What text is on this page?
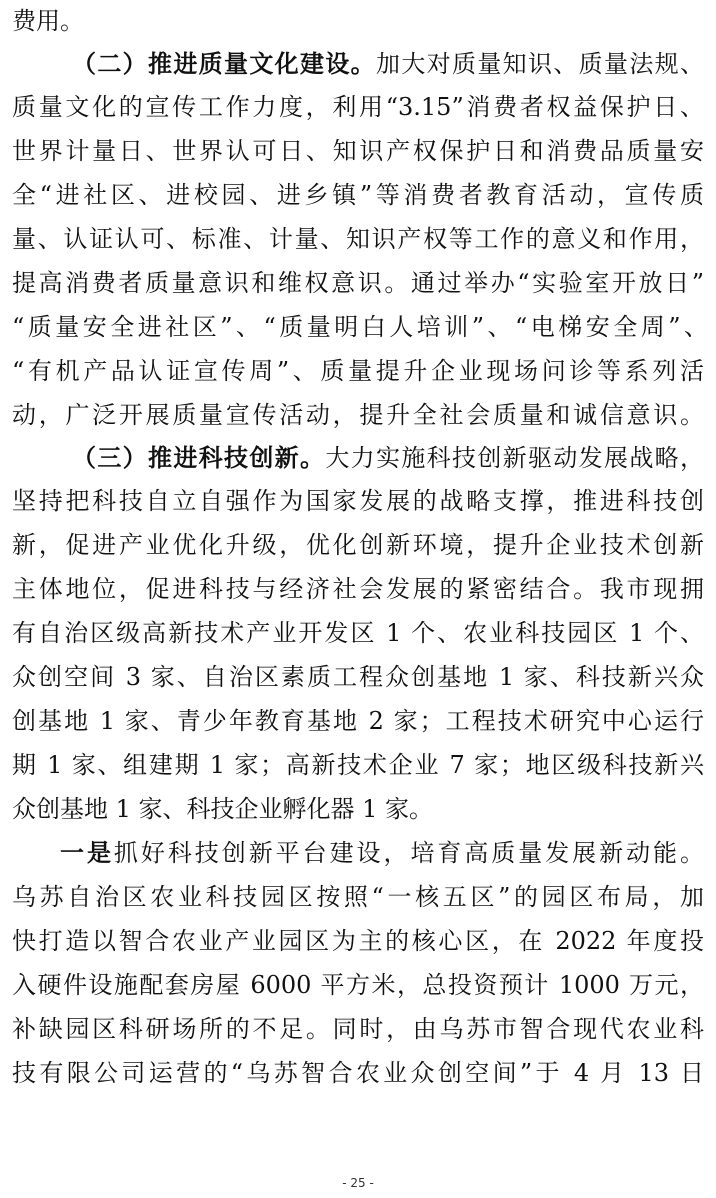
费用。
（二）推进质量文化建设。加大对质量知识、质量法规、
质量文化的宣传工作力度，利用“3.15”消费者权益保护日、
世界计量日、世界认可日、知识产权保护日和消费品质量安
全“进社区、进校园、进乡镇”等消费者教育活动，宣传质
量、认证认可、标准、计量、知识产权等工作的意义和作用，
提高消费者质量意识和维权意识。通过举办“实验室开放日”
“质量安全进社区”、“质量明白人培训”、“电梯安全周”、
“有机产品认证宣传周”、质量提升企业现场问诊等系列活
动，广泛开展质量宣传活动，提升全社会质量和诚信意识。
（三）推进科技创新。大力实施科技创新驱动发展战略，
坚持把科技自立自强作为国家发展的战略支撑，推进科技创
新，促进产业优化升级，优化创新环境，提升企业技术创新
主体地位，促进科技与经济社会发展的紧密结合。我市现拥
有自治区级高新技术产业开发区 1 个、农业科技园区 1 个、
众创空间 3 家、自治区素质工程众创基地 1 家、科技新兴众
创基地 1 家、青少年教育基地 2 家；工程技术研究中心运行
期 1 家、组建期 1 家；高新技术企业 7 家；地区级科技新兴
众创基地 1 家、科技企业孵化器 1 家。
一是抓好科技创新平台建设，培育高质量发展新动能。
乌苏自治区农业科技园区按照“一核五区”的园区布局，加
快打造以智合农业产业园区为主的核心区，在 2022 年度投
入硬件设施配套房屋 6000 平方米，总投资预计 1000 万元，
补缺园区科研场所的不足。同时，由乌苏市智合现代农业科
技有限公司运营的“乌苏智合农业众创空间”于 4 月 13 日
- 25 -
